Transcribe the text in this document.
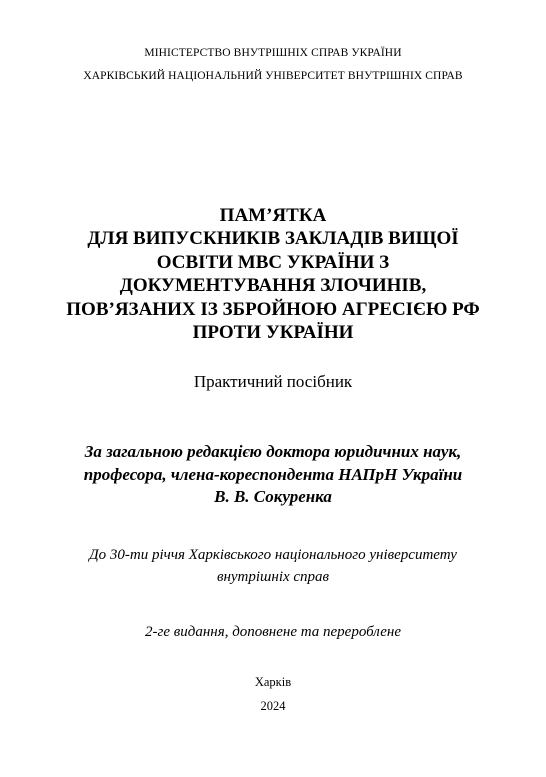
МІНІСТЕРСТВО ВНУТРІШНІХ СПРАВ УКРАЇНИ
ХАРКІВСЬКИЙ НАЦІОНАЛЬНИЙ УНІВЕРСИТЕТ ВНУТРІШНІХ СПРАВ
ПАМ’ЯТКА
ДЛЯ ВИПУСКНИКІВ ЗАКЛАДІВ ВИЩОЇ
ОСВІТИ МВС УКРАЇНИ З
ДОКУМЕНТУВАННЯ ЗЛОЧИНІВ,
ПОВ’ЯЗАНИХ ІЗ ЗБРОЙНОЮ АГРЕСІЄЮ РФ
ПРОТИ УКРАЇНИ
Практичний посібник
За загальною редакцією доктора юридичних наук,
професора, члена-кореспондента НАПрН України
В. В. Сокуренка
До 30-ти річчя Харківського національного університету
внутрішніх справ
2-ге видання, доповнене та перероблене
Харків
2024
